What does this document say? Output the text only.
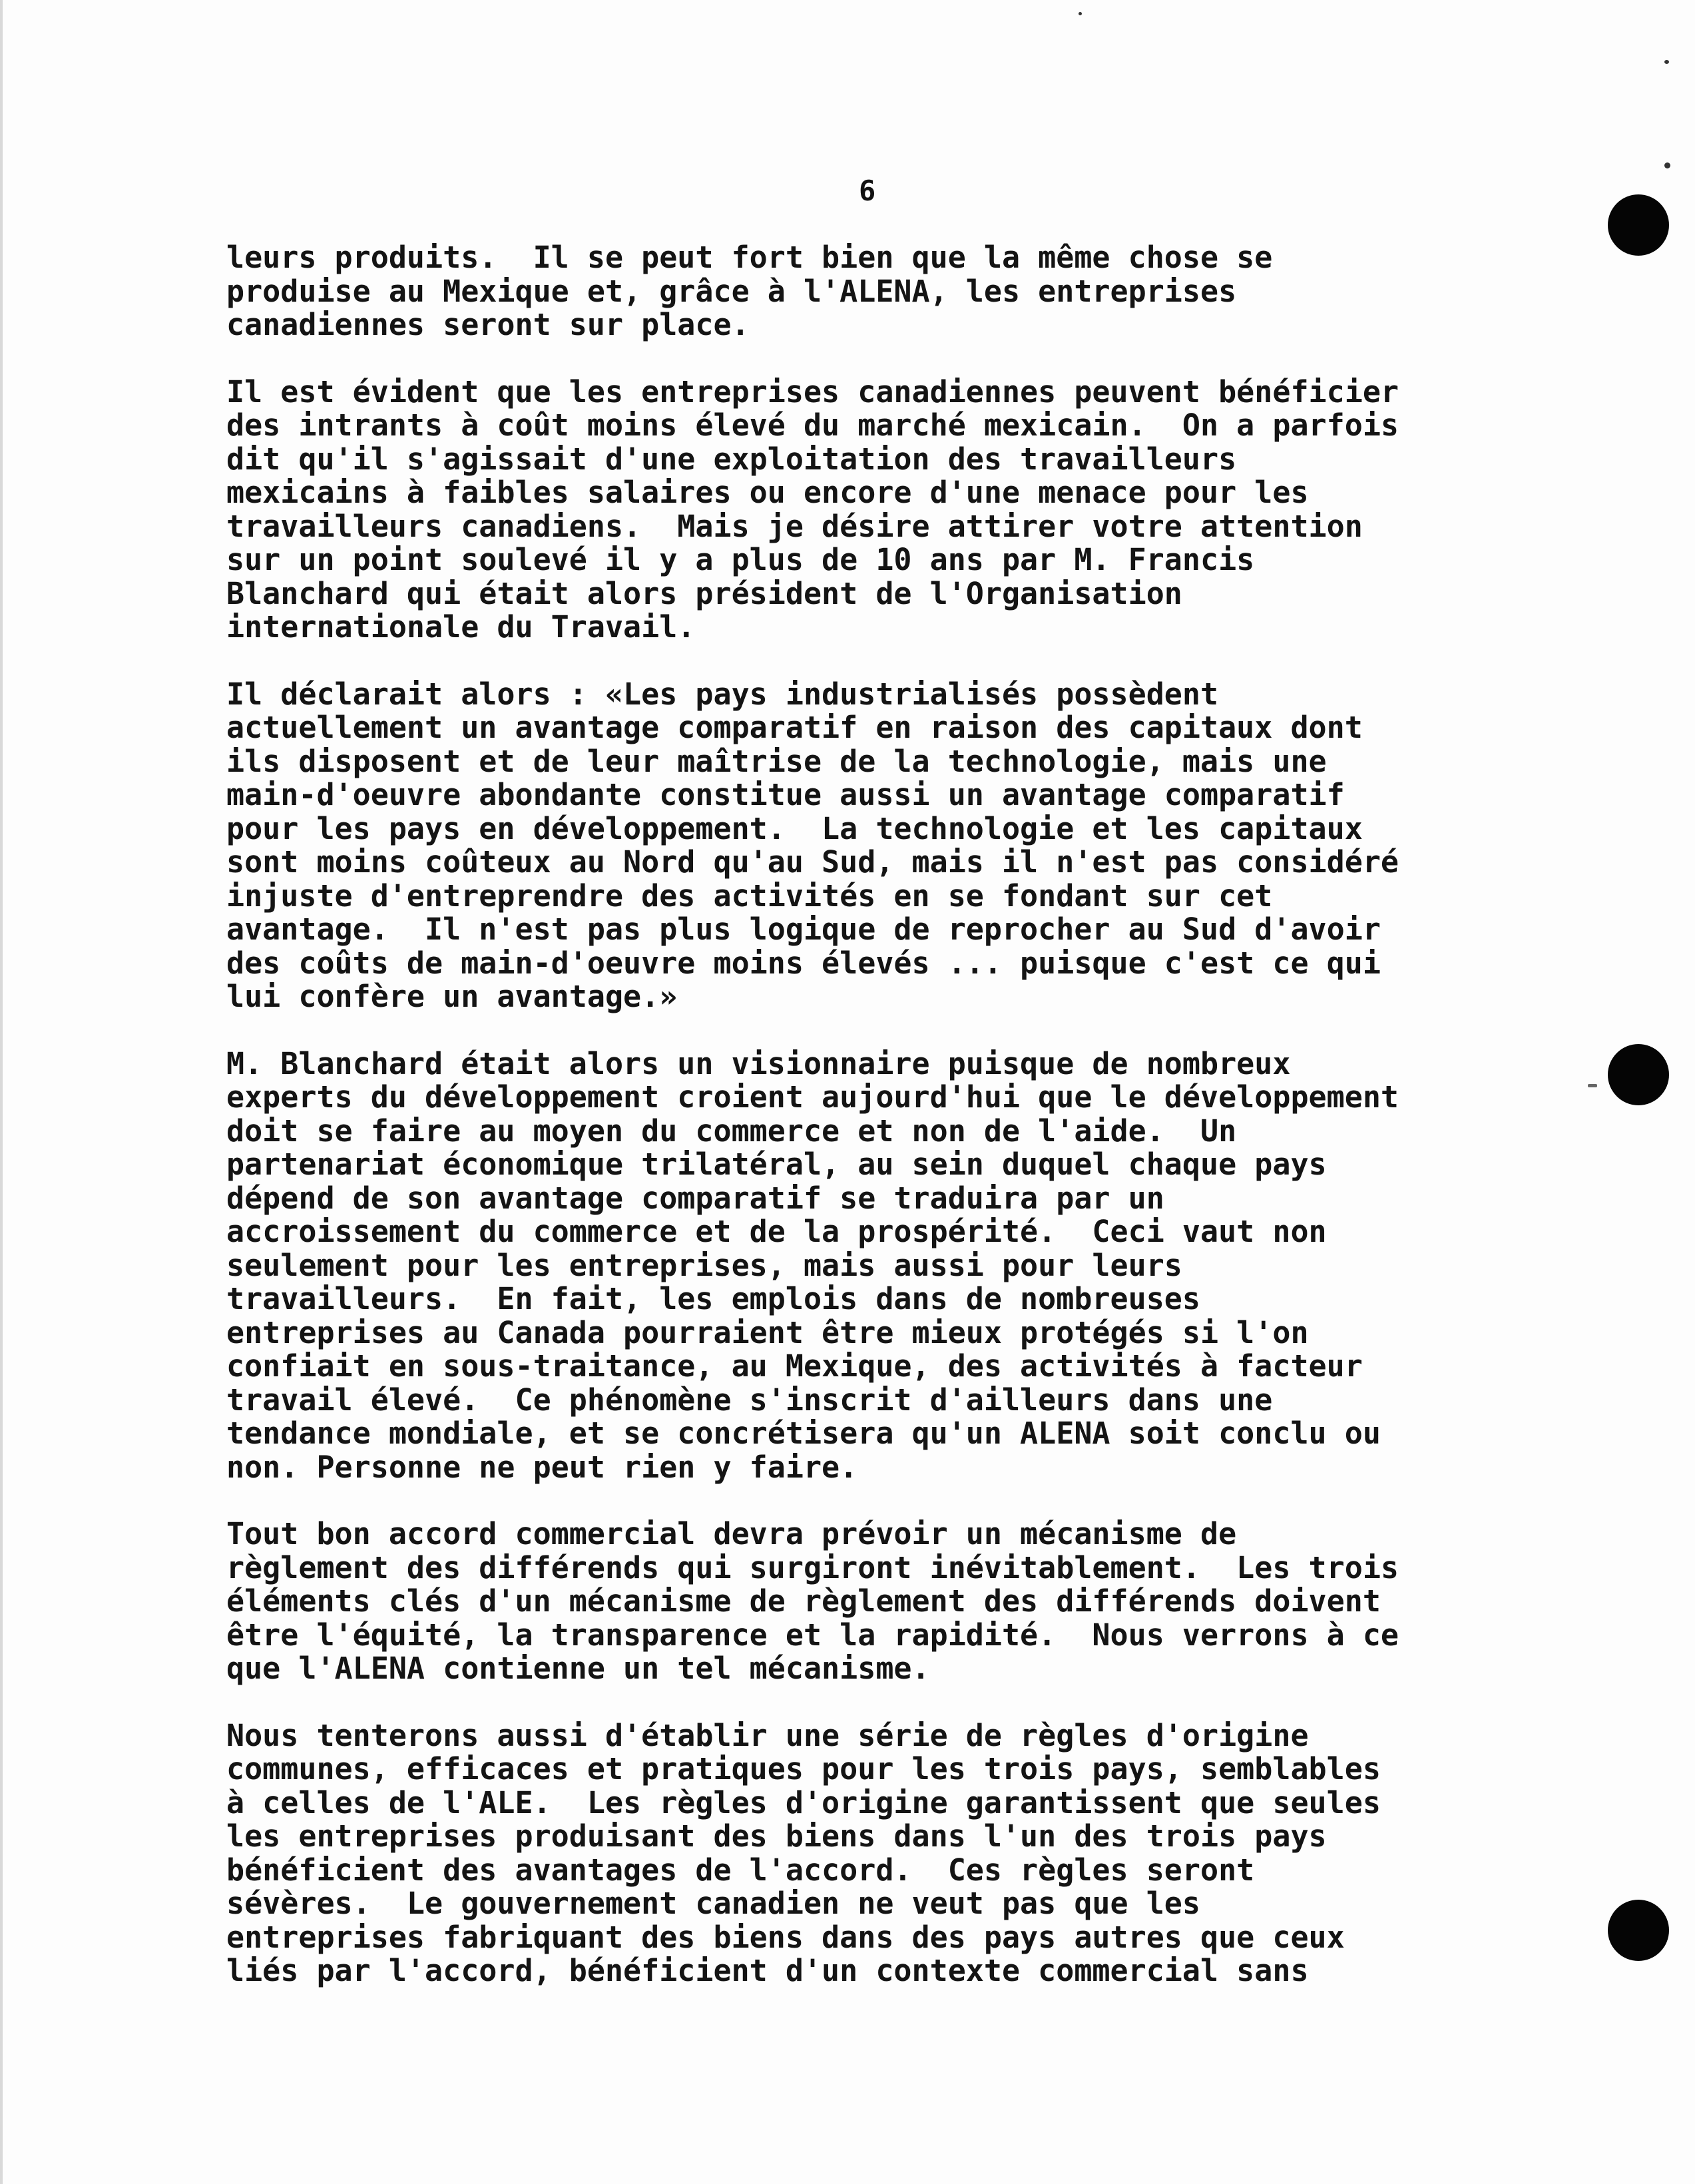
6

leurs produits.  Il se peut fort bien que la même chose se
produise au Mexique et, grâce à l'ALENA, les entreprises
canadiennes seront sur place.

Il est évident que les entreprises canadiennes peuvent bénéficier
des intrants à coût moins élevé du marché mexicain.  On a parfois
dit qu'il s'agissait d'une exploitation des travailleurs
mexicains à faibles salaires ou encore d'une menace pour les
travailleurs canadiens.  Mais je désire attirer votre attention
sur un point soulevé il y a plus de 10 ans par M. Francis
Blanchard qui était alors président de l'Organisation
internationale du Travail.

Il déclarait alors : «Les pays industrialisés possèdent
actuellement un avantage comparatif en raison des capitaux dont
ils disposent et de leur maîtrise de la technologie, mais une
main-d'oeuvre abondante constitue aussi un avantage comparatif
pour les pays en développement.  La technologie et les capitaux
sont moins coûteux au Nord qu'au Sud, mais il n'est pas considéré
injuste d'entreprendre des activités en se fondant sur cet
avantage.  Il n'est pas plus logique de reprocher au Sud d'avoir
des coûts de main-d'oeuvre moins élevés ... puisque c'est ce qui
lui confère un avantage.»

M. Blanchard était alors un visionnaire puisque de nombreux
experts du développement croient aujourd'hui que le développement
doit se faire au moyen du commerce et non de l'aide.  Un
partenariat économique trilatéral, au sein duquel chaque pays
dépend de son avantage comparatif se traduira par un
accroissement du commerce et de la prospérité.  Ceci vaut non
seulement pour les entreprises, mais aussi pour leurs
travailleurs.  En fait, les emplois dans de nombreuses
entreprises au Canada pourraient être mieux protégés si l'on
confiait en sous-traitance, au Mexique, des activités à facteur
travail élevé.  Ce phénomène s'inscrit d'ailleurs dans une
tendance mondiale, et se concrétisera qu'un ALENA soit conclu ou
non. Personne ne peut rien y faire.

Tout bon accord commercial devra prévoir un mécanisme de
règlement des différends qui surgiront inévitablement.  Les trois
éléments clés d'un mécanisme de règlement des différends doivent
être l'équité, la transparence et la rapidité.  Nous verrons à ce
que l'ALENA contienne un tel mécanisme.

Nous tenterons aussi d'établir une série de règles d'origine
communes, efficaces et pratiques pour les trois pays, semblables
à celles de l'ALE.  Les règles d'origine garantissent que seules
les entreprises produisant des biens dans l'un des trois pays
bénéficient des avantages de l'accord.  Ces règles seront
sévères.  Le gouvernement canadien ne veut pas que les
entreprises fabriquant des biens dans des pays autres que ceux
liés par l'accord, bénéficient d'un contexte commercial sans
